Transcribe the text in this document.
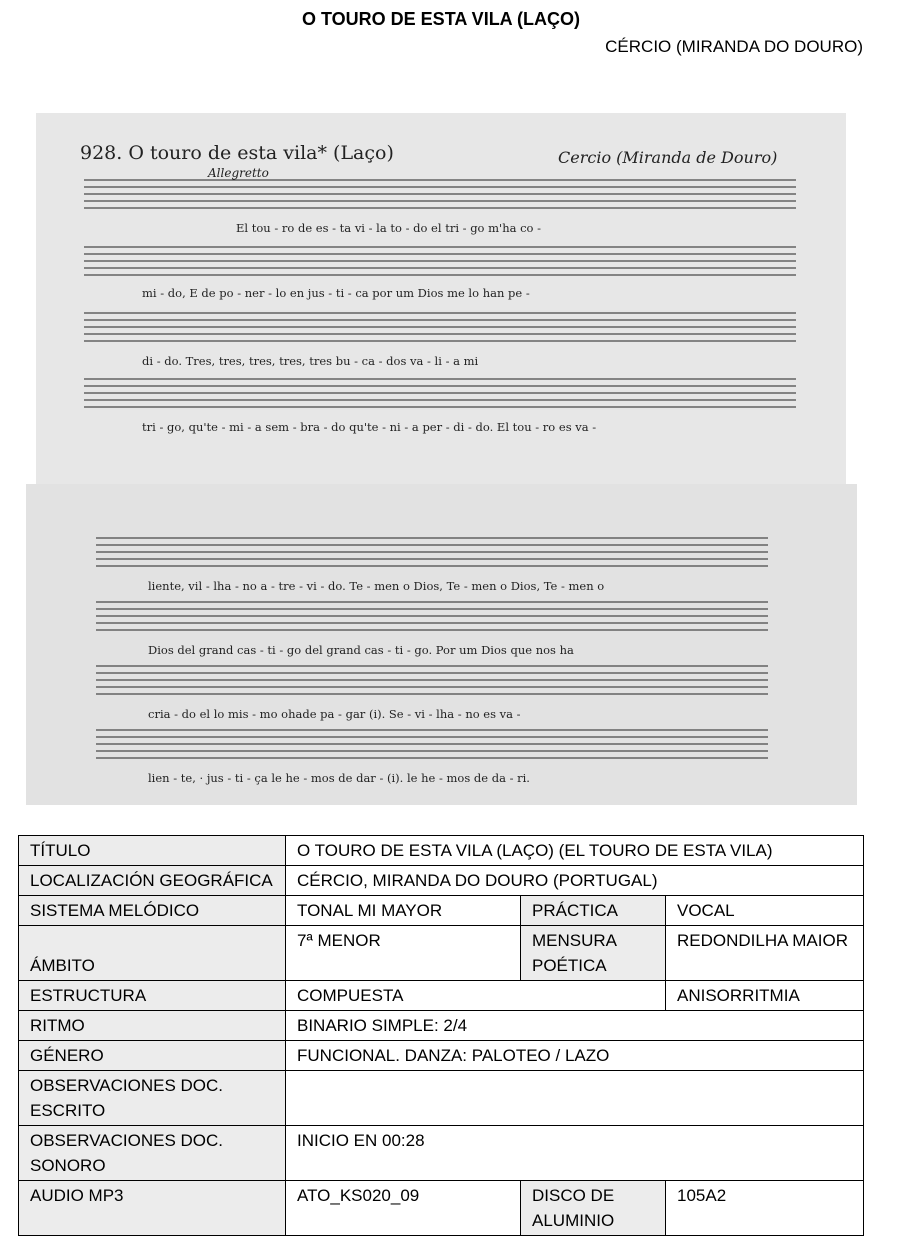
O TOURO DE ESTA VILA (LAÇO)
CÉRCIO (MIRANDA DO DOURO)
928. O touro de esta vila* (Laço)	Cercio (Miranda de Douro)
Allegretto
El tou - ro de es - ta vi - la to - do el tri - go m'ha co -
mi - do, E de po - ner - lo en jus - ti - ca por um Dios me lo han pe -
di - do. Tres, tres, tres, tres, tres bu - ca - dos va - li - a mi
tri - go, qu'te - mi - a sem - bra - do qu'te - ni - a per - di - do. El tou - ro es va -
liente, vil - lha - no a - tre - vi - do. Te - men o Dios, Te - men o Dios, Te - men o
Dios del grand cas - ti - go del grand cas - ti - go. Por um Dios que nos ha
cria - do el lo mis - mo ohade pa - gar (i). Se - vi - lha - no es va -
lien - te, · jus - ti - ça le he - mos de dar - (i). le he - mos de da - ri.
TÍTULO	O TOURO DE ESTA VILA (LAÇO) (EL TOURO DE ESTA VILA)		
LOCALIZACIÓN GEOGRÁFICA	CÉRCIO, MIRANDA DO DOURO (PORTUGAL)		
SISTEMA MELÓDICO	TONAL MI MAYOR	PRÁCTICA	VOCAL
ÁMBITO	7ª MENOR	MENSURA POÉTICA	REDONDILHA MAIOR
ESTRUCTURA	COMPUESTA		ANISORRITMIA
RITMO	BINARIO SIMPLE: 2/4		
GÉNERO	FUNCIONAL. DANZA: PALOTEO / LAZO		
OBSERVACIONES DOC. ESCRITO			
OBSERVACIONES DOC. SONORO	INICIO EN 00:28		
AUDIO MP3	ATO_KS020_09	DISCO DE ALUMINIO	105A2
